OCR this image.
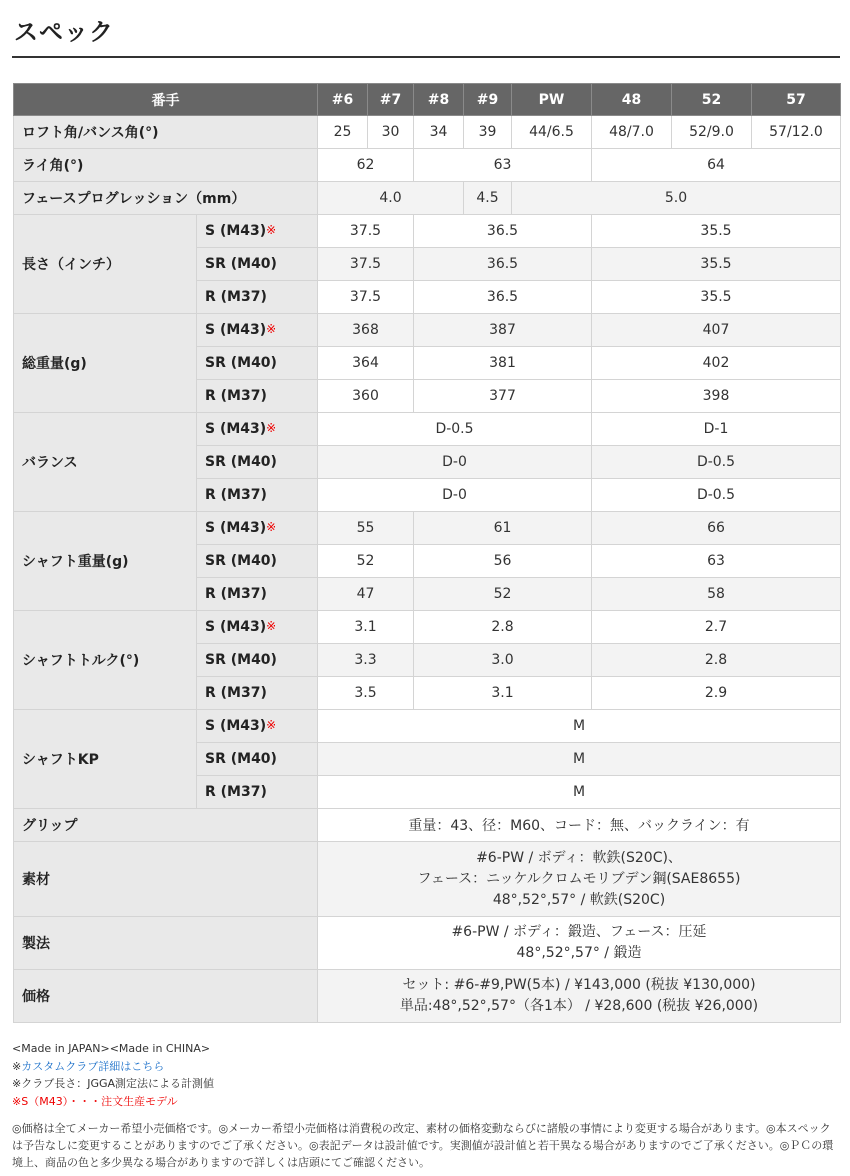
スペック
番手		#6	#7	#8	#9	PW	48	52	57
ロフト角/バンス角(°)		25	30	34	39	44/6.5	48/7.0	52/9.0	57/12.0
ライ角(°)		62		63			64		
フェースプログレッション（mm）		4.0			4.5	5.0			
長さ（インチ）	S (M43)※	37.5		36.5			35.5		
	SR (M40)	37.5		36.5			35.5		
	R (M37)	37.5		36.5			35.5		
総重量(g)	S (M43)※	368		387			407		
	SR (M40)	364		381			402		
	R (M37)	360		377			398		
バランス	S (M43)※	D-0.5					D-1		
	SR (M40)	D-0					D-0.5		
	R (M37)	D-0					D-0.5		
シャフト重量(g)	S (M43)※	55		61			66		
	SR (M40)	52		56			63		
	R (M37)	47		52			58		
シャフトトルク(°)	S (M43)※	3.1		2.8			2.7		
	SR (M40)	3.3		3.0			2.8		
	R (M37)	3.5		3.1			2.9		
シャフトKP	S (M43)※	M							
	SR (M40)	M							
	R (M37)	M							
グリップ		重量：43、径：M60、コード：無、バックライン：有							
素材		#6-PW / ボディ：軟鉄(S20C)、
フェース：ニッケルクロムモリブデン鋼(SAE8655)
48°,52°,57° / 軟鉄(S20C)							

製法		#6-PW / ボディ：鍛造、フェース：圧延
48°,52°,57° / 鍛造							

価格		セット: #6-#9,PW(5本) / ¥143,000 (税抜 ¥130,000)
単品:48°,52°,57°（各1本） / ¥28,600 (税抜 ¥26,000)							
<Made in JAPAN><Made in CHINA>
※カスタムクラブ詳細はこちら
※クラブ長さ：JGGA測定法による計測値
※S（M43）・・・注文生産モデル
◎価格は全てメーカー希望小売価格です。◎メーカー希望小売価格は消費税の改定、素材の価格変動ならびに諸般の事情により変更する場合があります。◎本スペックは予告なしに変更することがありますのでご了承ください。◎表記データは設計値です。実測値が設計値と若干異なる場合がありますのでご了承ください。◎ＰＣの環境上、商品の色と多少異なる場合がありますので詳しくは店頭にてご確認ください。
